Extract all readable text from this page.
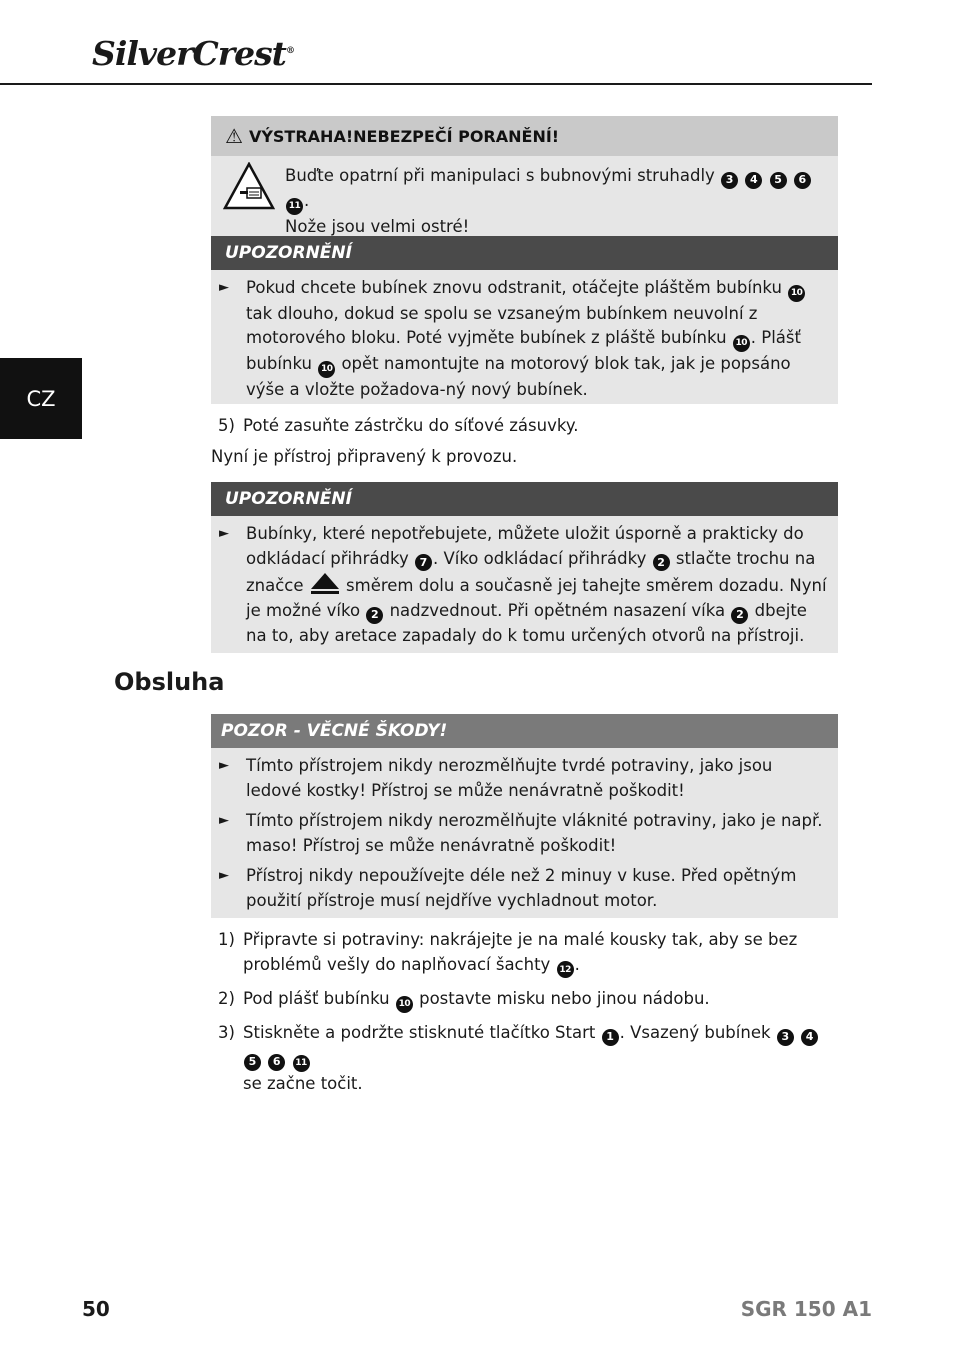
SilverCrest®
CZ
⚠ VÝSTRAHA!NEBEZPEČÍ PORANĚNÍ!
Buďte opatrní při manipulaci s bubnovými struhadly 3 4 5 6 11 .
Nože jsou velmi ostré!
UPOZORNĚNÍ
► Pokud chcete bubínek znovu odstranit, otáčejte pláštěm bubínku 10 tak dlouho, dokud se spolu se vzsaneým bubínkem neuvolní z motorového bloku. Poté vyjměte bubínek z pláště bubínku 10 . Plášť bubínku 10 opět namontujte na motorový blok tak, jak je popsáno výše a vložte požadova-ný nový bubínek.
5) Poté zasuňte zástrčku do síťové zásuvky.
Nyní je přístroj připravený k provozu.
UPOZORNĚNÍ
► Bubínky, které nepotřebujete, můžete uložit úsporně a prakticky do odkládací přihrádky 7 . Víko odkládací přihrádky 2 stlačte trochu na značce	směrem dolu a současně jej tahejte směrem dozadu. Nyní je možné víko 2 nadzvednout. Při opětném nasazení víka 2 dbejte na to, aby aretace zapadaly do k tomu určených otvorů na přístroji.
Obsluha
POZOR - VĚCNÉ ŠKODY!
► Tímto přístrojem nikdy nerozmělňujte tvrdé potraviny, jako jsou ledové kostky! Přístroj se může nenávratně poškodit!
► Tímto přístrojem nikdy nerozmělňujte vláknité potraviny, jako je např. maso! Přístroj se může nenávratně poškodit!
► Přístroj nikdy nepoužívejte déle než 2 minuy v kuse. Před opětným použití přístroje musí nejdříve vychladnout motor.
1) Připravte si potraviny: nakrájejte je na malé kousky tak, aby se bez problémů vešly do naplňovací šachty 12 .
2) Pod plášť bubínku 10 postavte misku nebo jinou nádobu.
3) Stiskněte a podržte stisknuté tlačítko Start 1 . Vsazený bubínek 3 4 5 6 11
se začne točit.
50	SGR 150 A1
